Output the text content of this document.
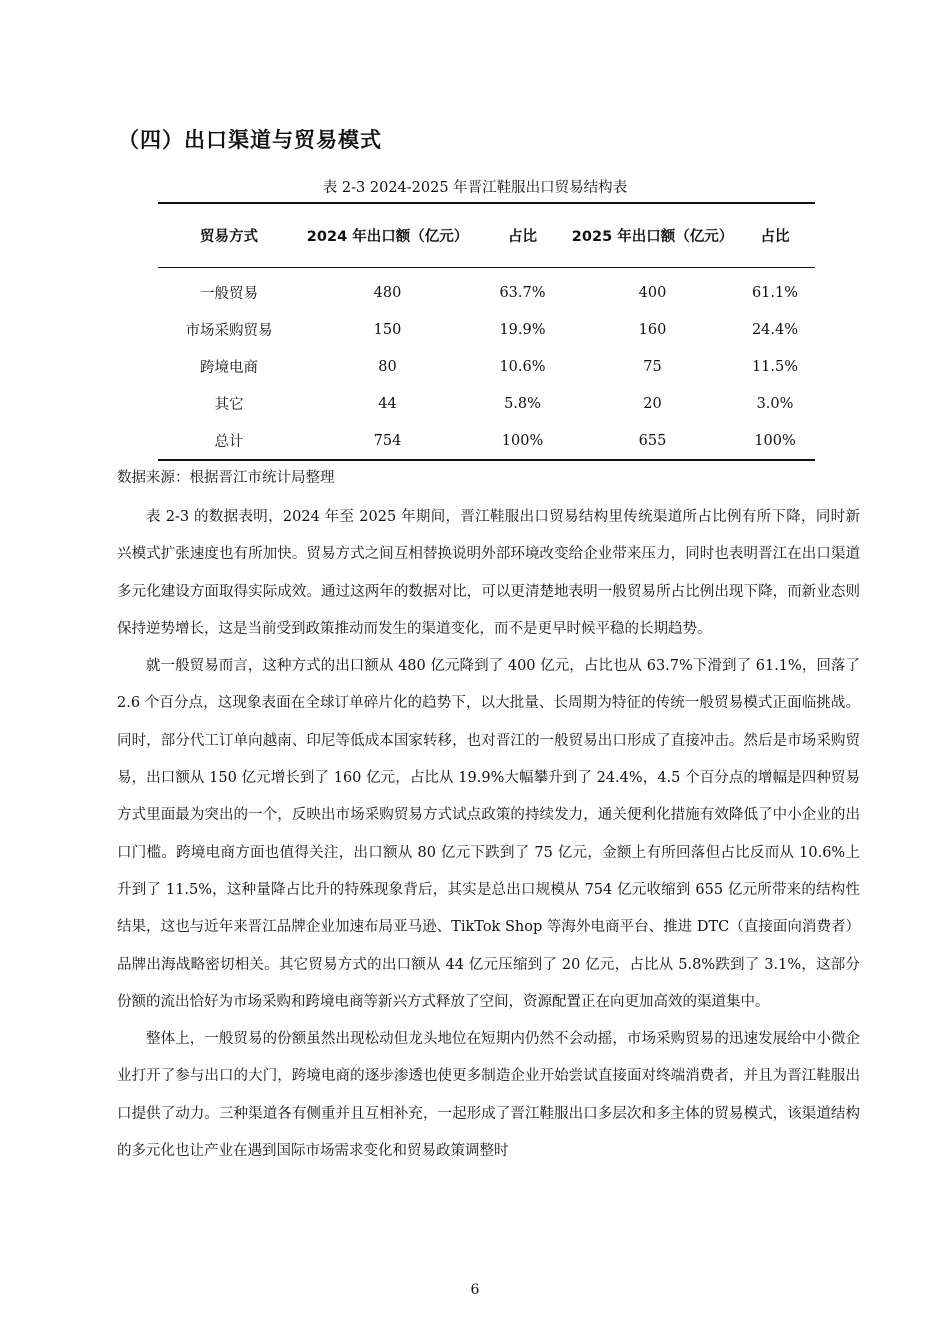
（四）出口渠道与贸易模式
表 2-3 2024-2025 年晋江鞋服出口贸易结构表
贸易方式	2024 年出口额（亿元）	占比	2025 年出口额（亿元）	占比
一般贸易	480	63.7%	400	61.1%
市场采购贸易	150	19.9%	160	24.4%
跨境电商	80	10.6%	75	11.5%
其它	44	5.8%	20	3.0%
总计	754	100%	655	100%
数据来源：根据晋江市统计局整理

表 2-3 的数据表明，2024 年至 2025 年期间，晋江鞋服出口贸易结构里传统渠道所占比例有所下降，同时新兴模式扩张速度也有所加快。贸易方式之间互相替换说明外部环境改变给企业带来压力，同时也表明晋江在出口渠道多元化建设方面取得实际成效。通过这两年的数据对比，可以更清楚地表明一般贸易所占比例出现下降，而新业态则保持逆势增长，这是当前受到政策推动而发生的渠道变化，而不是更早时候平稳的长期趋势。

就一般贸易而言，这种方式的出口额从 480 亿元降到了 400 亿元，占比也从 63.7%下滑到了 61.1%，回落了 2.6 个百分点，这现象表面在全球订单碎片化的趋势下，以大批量、长周期为特征的传统一般贸易模式正面临挑战。同时，部分代工订单向越南、印尼等低成本国家转移，也对晋江的一般贸易出口形成了直接冲击。然后是市场采购贸易，出口额从 150 亿元增长到了 160 亿元，占比从 19.9%大幅攀升到了 24.4%，4.5 个百分点的增幅是四种贸易方式里面最为突出的一个，反映出市场采购贸易方式试点政策的持续发力，通关便利化措施有效降低了中小企业的出口门槛。跨境电商方面也值得关注，出口额从 80 亿元下跌到了 75 亿元，金额上有所回落但占比反而从 10.6%上升到了 11.5%，这种量降占比升的特殊现象背后，其实是总出口规模从 754 亿元收缩到 655 亿元所带来的结构性结果，这也与近年来晋江品牌企业加速布局亚马逊、TikTok Shop 等海外电商平台、推进 DTC（直接面向消费者）品牌出海战略密切相关。其它贸易方式的出口额从 44 亿元压缩到了 20 亿元，占比从 5.8%跌到了 3.1%，这部分份额的流出恰好为市场采购和跨境电商等新兴方式释放了空间，资源配置正在向更加高效的渠道集中。

整体上，一般贸易的份额虽然出现松动但龙头地位在短期内仍然不会动摇，市场采购贸易的迅速发展给中小微企业打开了参与出口的大门，跨境电商的逐步渗透也使更多制造企业开始尝试直接面对终端消费者，并且为晋江鞋服出口提供了动力。三种渠道各有侧重并且互相补充，一起形成了晋江鞋服出口多层次和多主体的贸易模式，该渠道结构的多元化也让产业在遇到国际市场需求变化和贸易政策调整时

6
